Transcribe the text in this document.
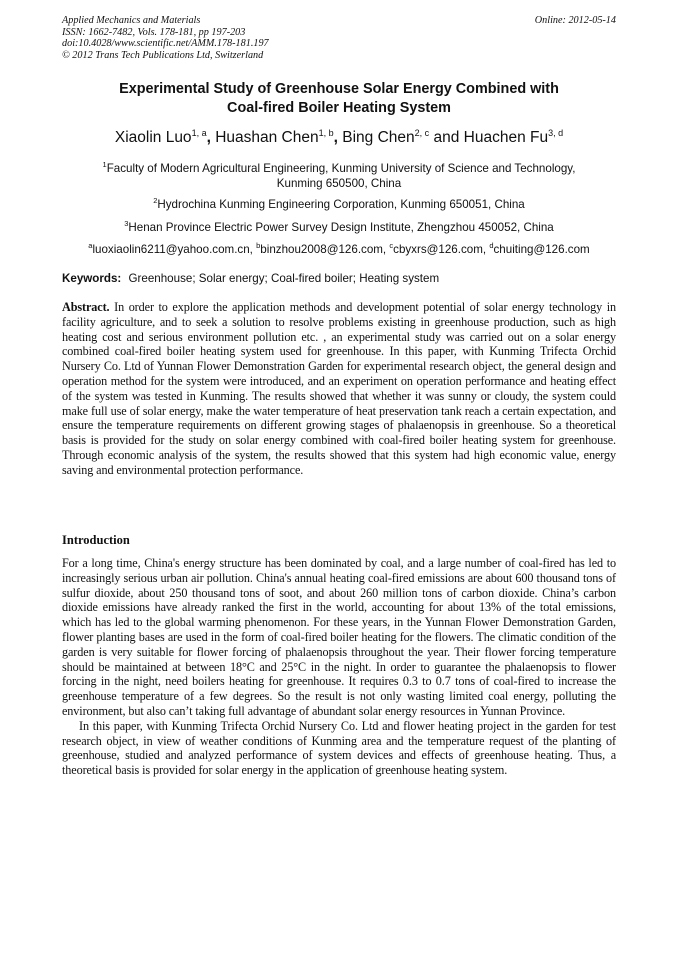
Applied Mechanics and Materials
ISSN: 1662-7482, Vols. 178-181, pp 197-203
doi:10.4028/www.scientific.net/AMM.178-181.197
© 2012 Trans Tech Publications Ltd, Switzerland
Online: 2012-05-14
Experimental Study of Greenhouse Solar Energy Combined with
Coal-fired Boiler Heating System
Xiaolin Luo$^{1, a}$, Huashan Chen$^{1, b}$, Bing Chen$^{2, c}$ and Huachen Fu$^{3, d}$
$^1$Faculty of Modern Agricultural Engineering, Kunming University of Science and Technology,
Kunming 650500, China
$^2$Hydrochina Kunming Engineering Corporation, Kunming 650051, China
$^3$Henan Province Electric Power Survey Design Institute, Zhengzhou 450052, China
$^a$luoxiaolin6211@yahoo.com.cn, $^b$binzhou2008@126.com, $^c$cbyxrs@126.com, $^d$chuiting@126.com
Keywords: Greenhouse; Solar energy; Coal-fired boiler; Heating system
Abstract. In order to explore the application methods and development potential of solar energy technology in facility agriculture, and to seek a solution to resolve problems existing in greenhouse production, such as high heating cost and serious environment pollution etc. , an experimental study was carried out on a solar energy combined coal-fired boiler heating system used for greenhouse. In this paper, with Kunming Trifecta Orchid Nursery Co. Ltd of Yunnan Flower Demonstration Garden for experimental research object, the general design and operation method for the system were introduced, and an experiment on operation performance and heating effect of the system was tested in Kunming. The results showed that whether it was sunny or cloudy, the system could make full use of solar energy, make the water temperature of heat preservation tank reach a certain expectation, and ensure the temperature requirements on different growing stages of phalaenopsis in greenhouse. So a theoretical basis is provided for the study on solar energy combined with coal-fired boiler heating system for greenhouse. Through economic analysis of the system, the results showed that this system had high economic value, energy saving and environmental protection performance.
Introduction
For a long time, China's energy structure has been dominated by coal, and a large number of coal-fired has led to increasingly serious urban air pollution. China's annual heating coal-fired emissions are about 600 thousand tons of sulfur dioxide, about 250 thousand tons of soot, and about 260 million tons of carbon dioxide. China’s carbon dioxide emissions have already ranked the first in the world, accounting for about 13% of the total emissions, which has led to the global warming phenomenon. For these years, in the Yunnan Flower Demonstration Garden, flower planting bases are used in the form of coal-fired boiler heating for the flowers. The climatic condition of the garden is very suitable for flower forcing of phalaenopsis throughout the year. Their flower forcing temperature should be maintained at between 18°C and 25°C in the night. In order to guarantee the phalaenopsis to flower forcing in the night, need boilers heating for greenhouse. It requires 0.3 to 0.7 tons of coal-fired to increase the greenhouse temperature of a few degrees. So the result is not only wasting limited coal energy, polluting the environment, but also can’t taking full advantage of abundant solar energy resources in Yunnan Province.
In this paper, with Kunming Trifecta Orchid Nursery Co. Ltd and flower heating project in the garden for test research object, in view of weather conditions of Kunming area and the temperature request of the planting of greenhouse, studied and analyzed performance of system devices and effects of greenhouse heating. Thus, a theoretical basis is provided for solar energy in the application of greenhouse heating system.
